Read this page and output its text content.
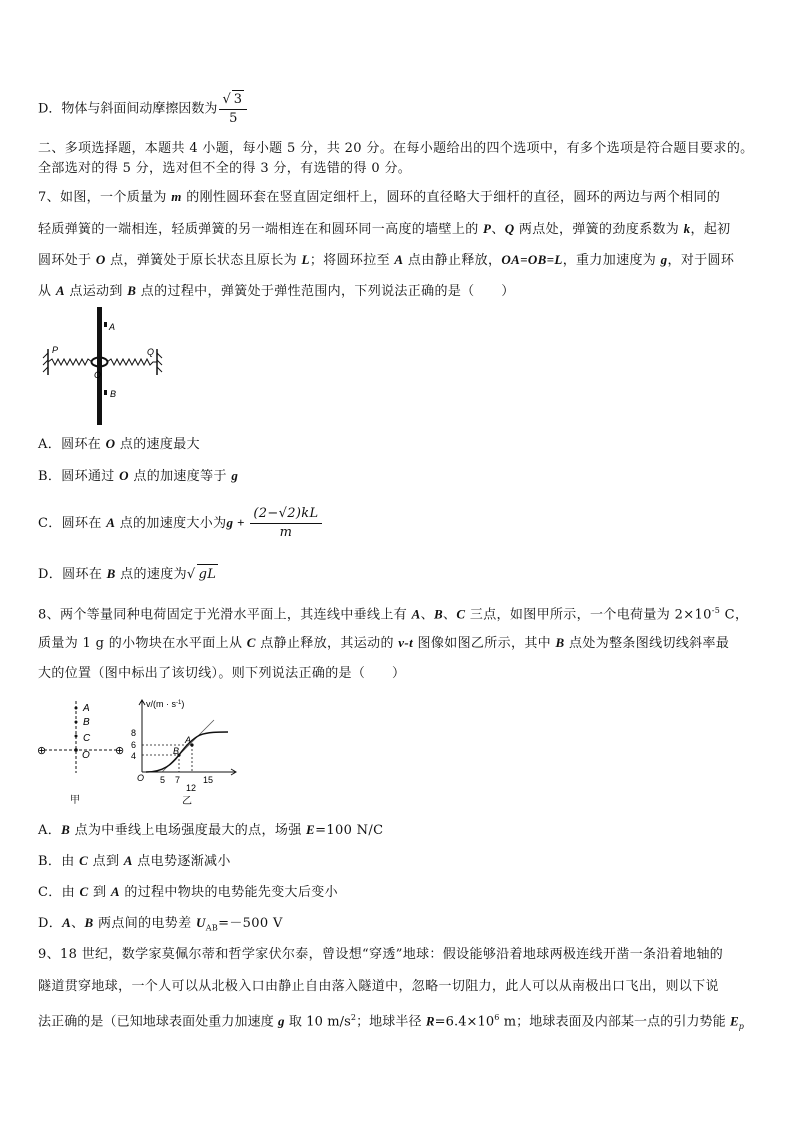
D．物体与斜面间动摩擦因数为 $\frac{√ 3}{5}$
二、多项选择题，本题共 4 小题，每小题 5 分，共 20 分。在每小题给出的四个选项中，有多个选项是符合题目要求的。
全部选对的得 5 分，选对但不全的得 3 分，有选错的得 0 分。
7、如图，一个质量为 m 的刚性圆环套在竖直固定细杆上，圆环的直径略大于细杆的直径，圆环的两边与两个相同的
轻质弹簧的一端相连，轻质弹簧的另一端相连在和圆环同一高度的墙壁上的 P、Q 两点处，弹簧的劲度系数为 k，起初
圆环处于 O 点，弹簧处于原长状态且原长为 L；将圆环拉至 A 点由静止释放，OA=OB=L，重力加速度为 g，对于圆环
从 A 点运动到 B 点的过程中，弹簧处于弹性范围内，下列说法正确的是（　　）
A
B
O
P	Q
A．圆环在 O 点的速度最大
B．圆环通过 O 点的加速度等于 g
C．圆环在 A 点的加速度大小为$g + \frac{(2-√2)kL}{m}$
D．圆环在 B 点的速度为√ gL
8、两个等量同种电荷固定于光滑水平面上，其连线中垂线上有 A、B、C 三点，如图甲所示，一个电荷量为 $2\times 10^{-5}$ C，
质量为 1 g 的小物块在水平面上从 C 点静止释放，其运动的 v-t 图像如图乙所示，其中 B 点处为整条图线切线斜率最
大的位置（图中标出了该切线）。则下列说法正确的是（　　）
A
B
C
O
⊕	⊕
甲
$v/(m \cdot s^{-1})$
8
6
4
5 7
12
15
O
A
B
乙
A．B 点为中垂线上电场强度最大的点，场强 E=100 N/C
B．由 C 点到 A 点电势逐渐减小
C．由 C 到 A 的过程中物块的电势能先变大后变小
D．A、B 两点间的电势差 $U_{AB}=-500$ V
9、18 世纪，数学家莫佩尔蒂和哲学家伏尔泰，曾设想“穿透”地球：假设能够沿着地球两极连线开凿一条沿着地轴的
隧道贯穿地球，一个人可以从北极入口由静止自由落入隧道中，忽略一切阻力，此人可以从南极出口飞出，则以下说
法正确的是（已知地球表面处重力加速度 g 取 10 $m/s^2$；地球半径 $R=6.4\times 10^6$ m；地球表面及内部某一点的引力势能 $E_p$
